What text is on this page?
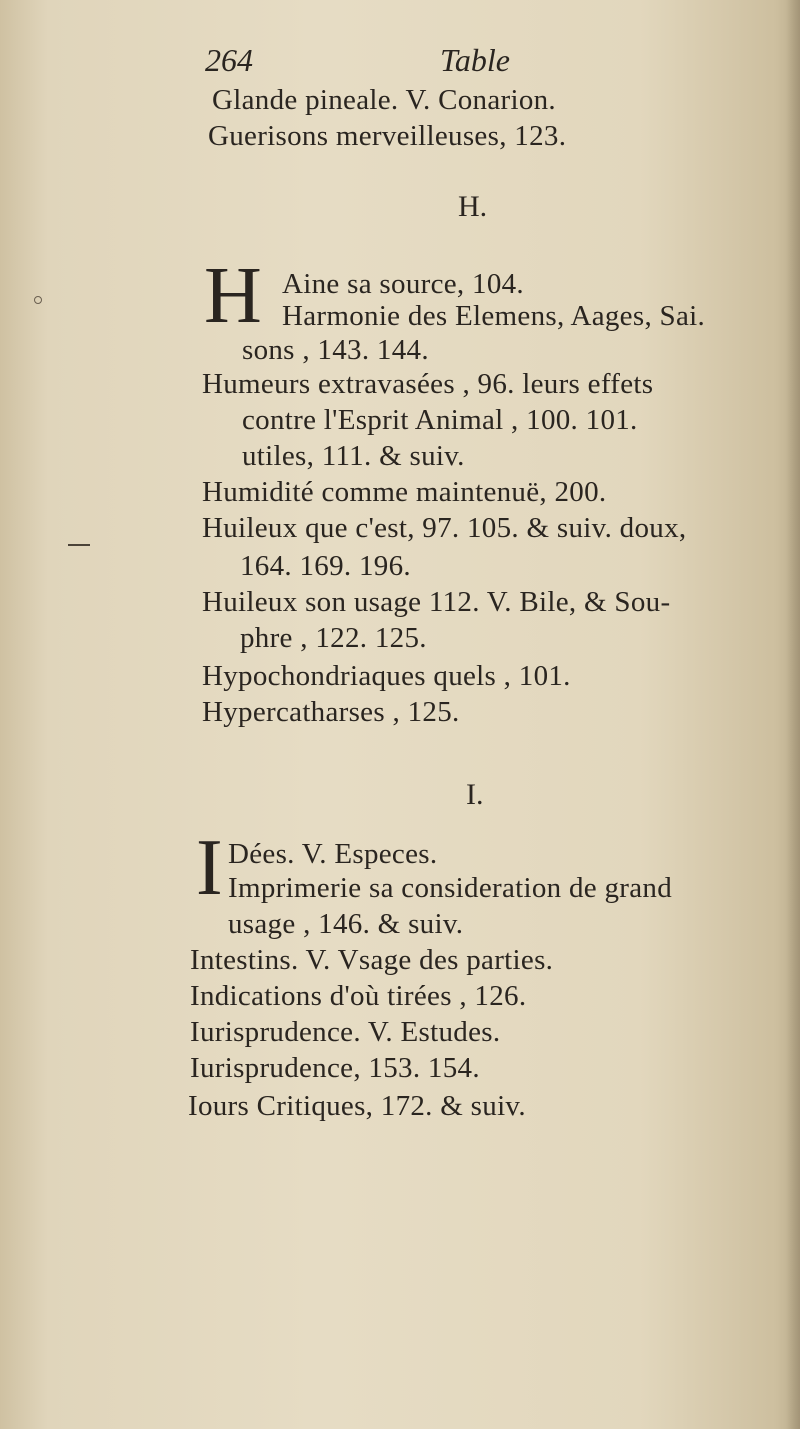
264	Table
Glande pineale. V. Conarion.
Guerisons merveilleuses, 123.
H.
H Aine sa source, 104.
Harmonie des Elemens, Aages, Sai.
sons , 143. 144.
Humeurs extravasées , 96. leurs effets
contre l'Esprit Animal , 100. 101.
utiles, 111. & suiv.
Humidité comme maintenuë, 200.
Huileux que c'est, 97. 105. & suiv. doux,
164. 169. 196.
Huileux son usage 112. V. Bile, & Sou-
phre , 122. 125.
Hypochondriaques quels , 101.
Hypercatharses , 125.
I.
I Dées. V. Especes.
Imprimerie sa consideration de grand
usage , 146. & suiv.
Intestins. V. Vsage des parties.
Indications d'où tirées , 126.
Iurisprudence. V. Estudes.
Iurisprudence, 153. 154.
Iours Critiques, 172. & suiv.
